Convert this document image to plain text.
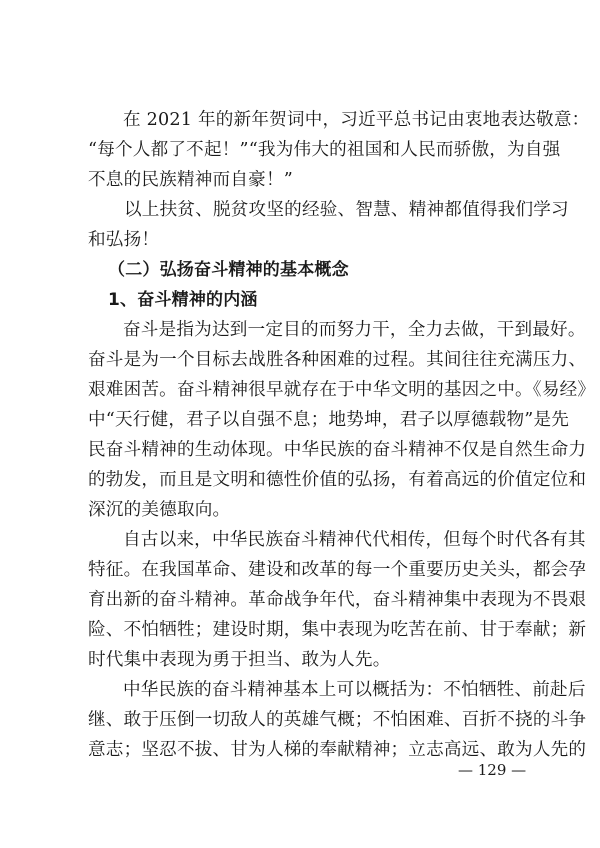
在 2021 年的新年贺词中，习近平总书记由衷地表达敬意：
“每个人都了不起！”“我为伟大的祖国和人民而骄傲，为自强
不息的民族精神而自豪！”
以上扶贫、脱贫攻坚的经验、智慧、精神都值得我们学习
和弘扬！
（二）弘扬奋斗精神的基本概念
1、奋斗精神的内涵
奋斗是指为达到一定目的而努力干，全力去做，干到最好。
奋斗是为一个目标去战胜各种困难的过程。其间往往充满压力、
艰难困苦。奋斗精神很早就存在于中华文明的基因之中。《易经》
中“天行健，君子以自强不息；地势坤，君子以厚德载物”是先
民奋斗精神的生动体现。中华民族的奋斗精神不仅是自然生命力
的勃发，而且是文明和德性价值的弘扬，有着高远的价值定位和
深沉的美德取向。
自古以来，中华民族奋斗精神代代相传，但每个时代各有其
特征。在我国革命、建设和改革的每一个重要历史关头，都会孕
育出新的奋斗精神。革命战争年代，奋斗精神集中表现为不畏艰
险、不怕牺牲；建设时期，集中表现为吃苦在前、甘于奉献；新
时代集中表现为勇于担当、敢为人先。
中华民族的奋斗精神基本上可以概括为：不怕牺牲、前赴后
继、敢于压倒一切敌人的英雄气概；不怕困难、百折不挠的斗争
意志；坚忍不拔、甘为人梯的奉献精神；立志高远、敢为人先的
— 129 —
